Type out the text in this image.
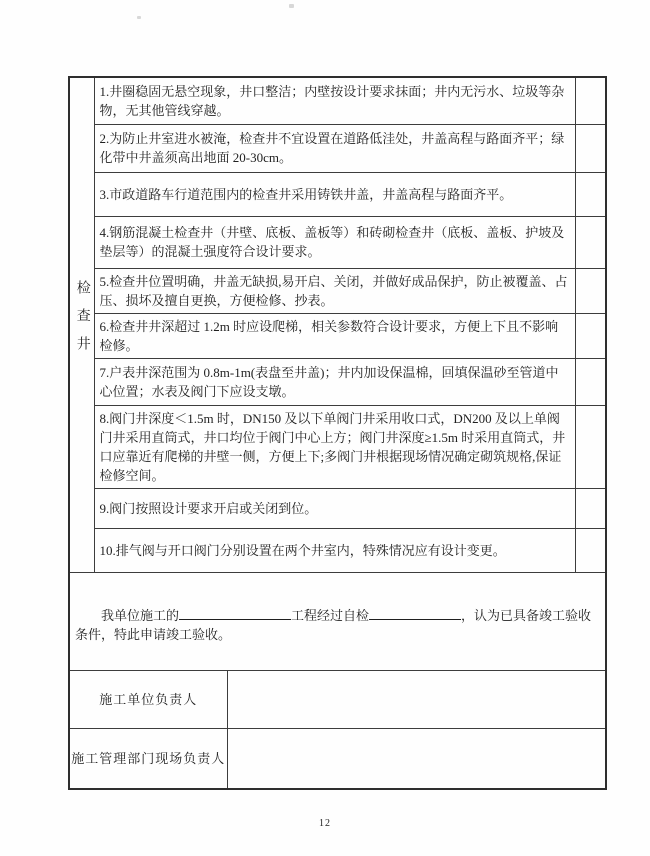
检查井	1.井圈稳固无悬空现象，井口整洁；内壁按设计要求抹面；井内无污水、垃圾等杂物，无其他管线穿越。	
	2.为防止井室进水被淹，检查井不宜设置在道路低洼处，井盖高程与路面齐平；绿化带中井盖须高出地面 20-30cm。	
	3.市政道路车行道范围内的检查井采用铸铁井盖，井盖高程与路面齐平。	
	4.钢筋混凝土检查井（井壁、底板、盖板等）和砖砌检查井（底板、盖板、护坡及垫层等）的混凝土强度符合设计要求。	
	5.检查井位置明确，井盖无缺损,易开启、关闭，并做好成品保护，防止被覆盖、占压、损坏及擅自更换，方便检修、抄表。	
	6.检查井井深超过 1.2m 时应设爬梯，相关参数符合设计要求，方便上下且不影响检修。	
	7.户表井深范围为 0.8m-1m(表盘至井盖)；井内加设保温棉，回填保温砂至管道中心位置；水表及阀门下应设支墩。	
	8.阀门井深度＜1.5m 时，DN150 及以下单阀门井采用收口式，DN200 及以上单阀门井采用直筒式，井口均位于阀门中心上方；阀门井深度≥1.5m 时采用直筒式，井口应靠近有爬梯的井壁一侧，方便上下;多阀门井根据现场情况确定砌筑规格,保证检修空间。	
	9.阀门按照设计要求开启或关闭到位。	
	10.排气阀与开口阀门分别设置在两个井室内，特殊情况应有设计变更。	

我单位施工的	工程经过自检	，认为已具备竣工验收条件，特此申请竣工验收。

施工单位负责人	
施工管理部门现场负责人	
12
